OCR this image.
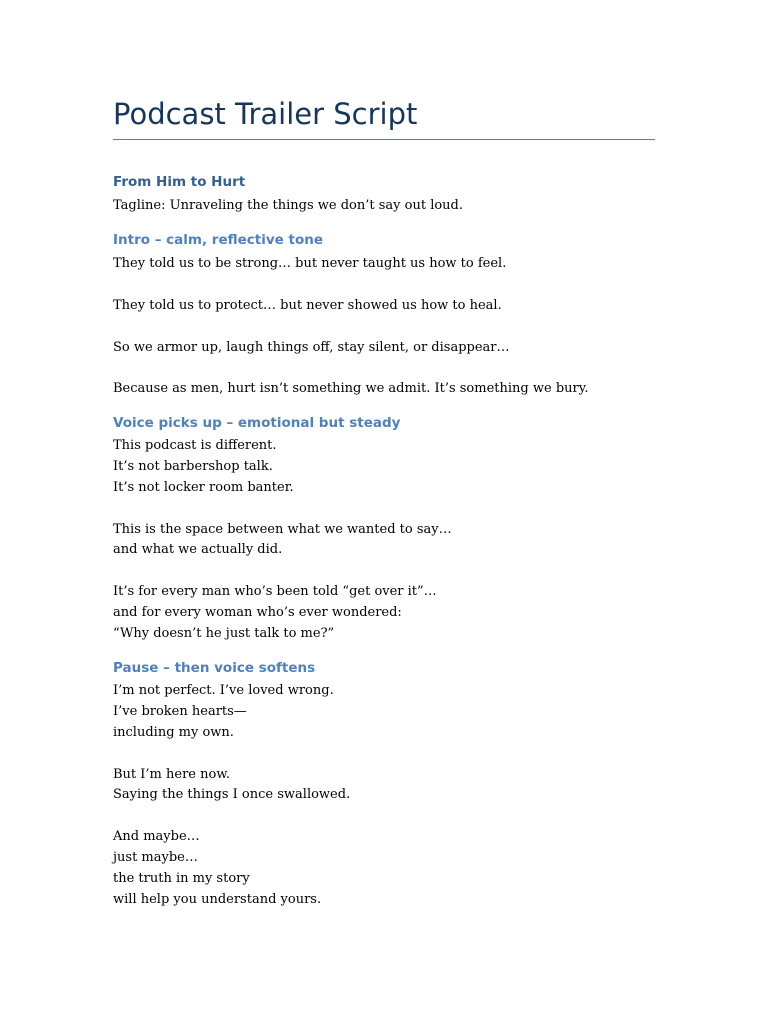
Podcast Trailer Script
From Him to Hurt
Tagline: Unraveling the things we don’t say out loud.
Intro – calm, reflective tone
They told us to be strong… but never taught us how to feel.
They told us to protect… but never showed us how to heal.
So we armor up, laugh things off, stay silent, or disappear…
Because as men, hurt isn’t something we admit. It’s something we bury.
Voice picks up – emotional but steady
This podcast is different.
It’s not barbershop talk.
It’s not locker room banter.
This is the space between what we wanted to say…
and what we actually did.
It’s for every man who’s been told “get over it”…
and for every woman who’s ever wondered:
“Why doesn’t he just talk to me?”
Pause – then voice softens
I’m not perfect. I’ve loved wrong.
I’ve broken hearts—
including my own.
But I’m here now.
Saying the things I once swallowed.
And maybe…
just maybe…
the truth in my story
will help you understand yours.
